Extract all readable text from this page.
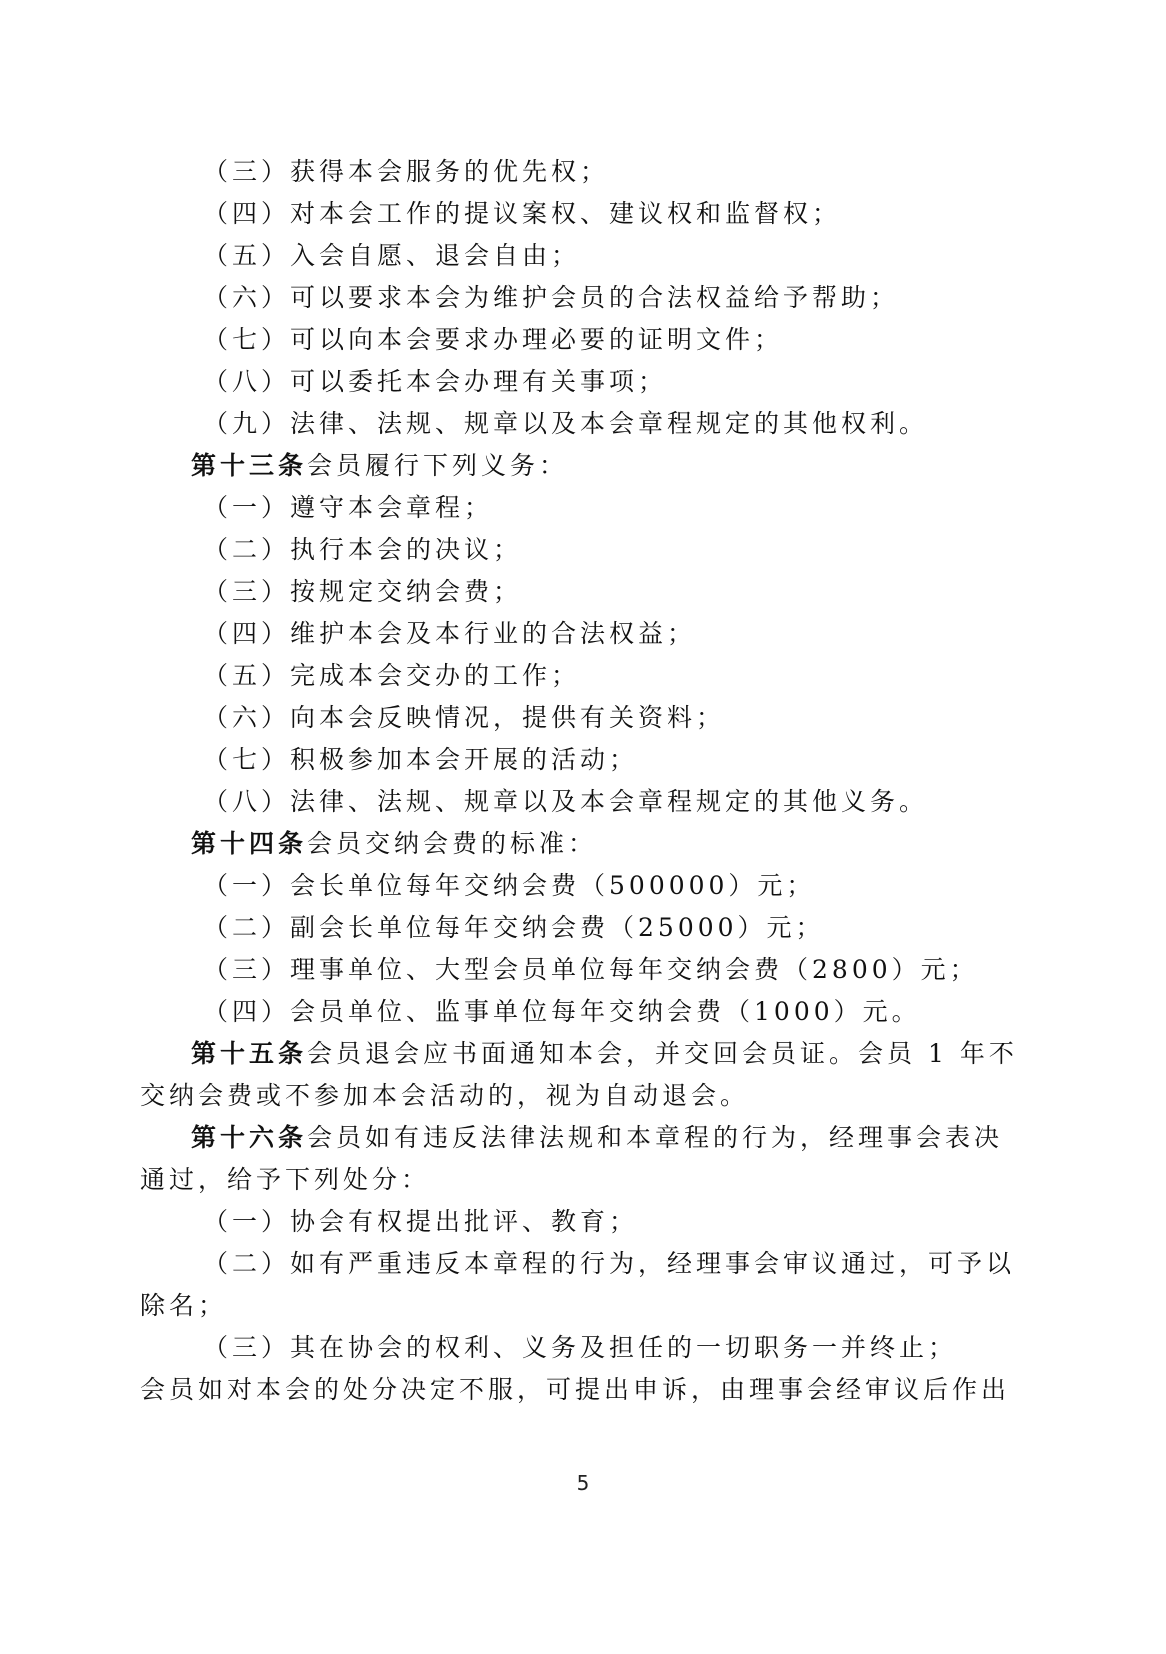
（三）获得本会服务的优先权；
（四）对本会工作的提议案权、建议权和监督权；
（五）入会自愿、退会自由；
（六）可以要求本会为维护会员的合法权益给予帮助；
（七）可以向本会要求办理必要的证明文件；
（八）可以委托本会办理有关事项；
（九）法律、法规、规章以及本会章程规定的其他权利。
第十三条会员履行下列义务：
（一）遵守本会章程；
（二）执行本会的决议；
（三）按规定交纳会费；
（四）维护本会及本行业的合法权益；
（五）完成本会交办的工作；
（六）向本会反映情况，提供有关资料；
（七）积极参加本会开展的活动；
（八）法律、法规、规章以及本会章程规定的其他义务。
第十四条会员交纳会费的标准：
（一）会长单位每年交纳会费（500000）元；
（二）副会长单位每年交纳会费（25000）元；
（三）理事单位、大型会员单位每年交纳会费（2800）元；
（四）会员单位、监事单位每年交纳会费（1000）元。
第十五条会员退会应书面通知本会，并交回会员证。会员 1 年不
交纳会费或不参加本会活动的，视为自动退会。
第十六条会员如有违反法律法规和本章程的行为，经理事会表决
通过，给予下列处分：
（一）协会有权提出批评、教育；
（二）如有严重违反本章程的行为，经理事会审议通过，可予以
除名；
（三）其在协会的权利、义务及担任的一切职务一并终止；
会员如对本会的处分决定不服，可提出申诉，由理事会经审议后作出
5
